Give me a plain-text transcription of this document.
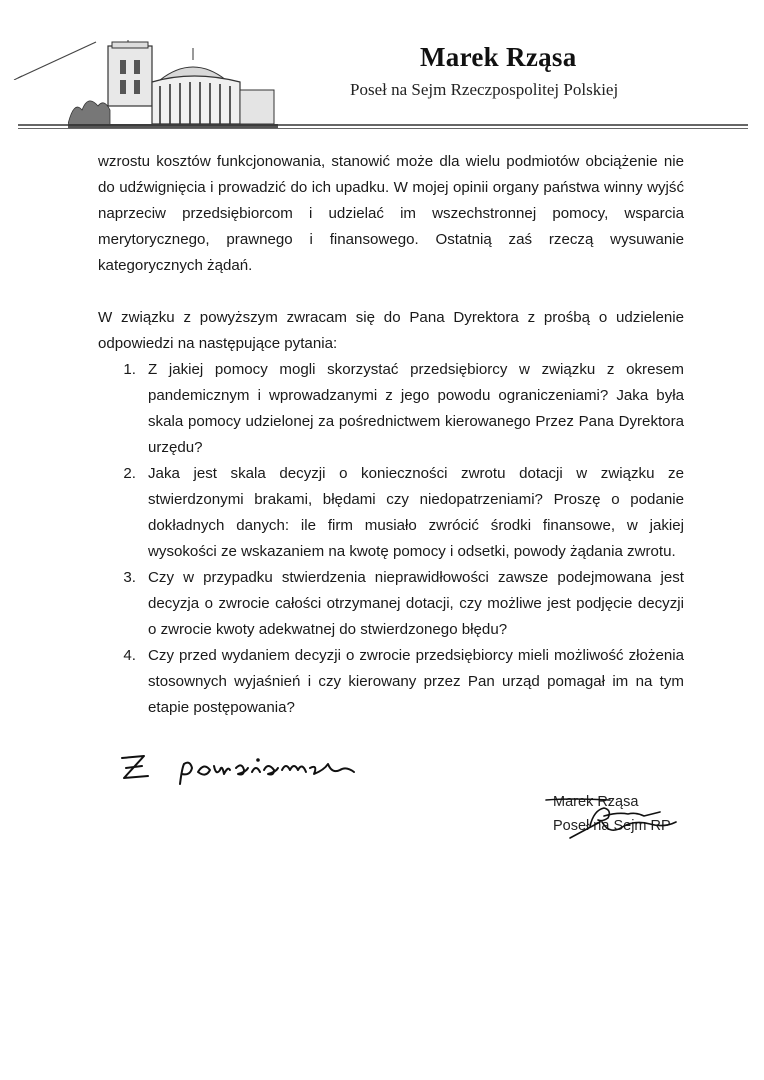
Marek Rząsa
Poseł na Sejm Rzeczpospolitej Polskiej

wzrostu kosztów funkcjonowania, stanowić może dla wielu podmiotów obciążenie nie do udźwignięcia i prowadzić do ich upadku. W mojej opinii organy państwa winny wyjść naprzeciw przedsiębiorcom i udzielać im wszechstronnej pomocy, wsparcia merytorycznego, prawnego i finansowego. Ostatnią zaś rzeczą wysuwanie kategorycznych żądań.

W związku z powyższym zwracam się do Pana Dyrektora z prośbą o udzielenie odpowiedzi na następujące pytania:

1. Z jakiej pomocy mogli skorzystać przedsiębiorcy w związku z okresem pandemicznym i wprowadzanymi z jego powodu ograniczeniami? Jaka była skala pomocy udzielonej za pośrednictwem kierowanego Przez Pana Dyrektora urzędu?
2. Jaka jest skala decyzji o konieczności zwrotu dotacji w związku ze stwierdzonymi brakami, błędami czy niedopatrzeniami? Proszę o podanie dokładnych danych: ile firm musiało zwrócić środki finansowe, w jakiej wysokości ze wskazaniem na kwotę pomocy i odsetki, powody żądania zwrotu.
3. Czy w przypadku stwierdzenia nieprawidłowości zawsze podejmowana jest decyzja o zwrocie całości otrzymanej dotacji, czy możliwe jest podjęcie decyzji o zwrocie kwoty adekwatnej do stwierdzonego błędu?
4. Czy przed wydaniem decyzji o zwrocie przedsiębiorcy mieli możliwość złożenia stosownych wyjaśnień i czy kierowany przez Pan urząd pomagał im na tym etapie postępowania?
Marek Rząsa
Poseł na Sejm RP
